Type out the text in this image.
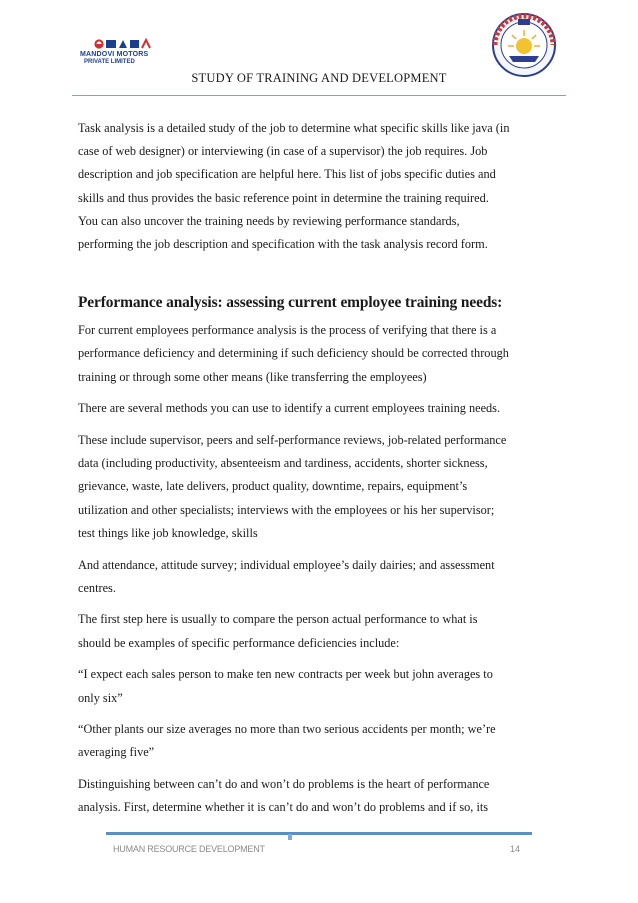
MANDOVI MOTORS
PRIVATE LIMITED
STUDY OF TRAINING AND DEVELOPMENT

Task analysis is a detailed study of the job to determine what specific skills like java (in
case of web designer) or interviewing (in case of a supervisor) the job requires. Job
description and job specification are helpful here. This list of jobs specific duties and
skills and thus provides the basic reference point in determine the training required.
You can also uncover the training needs by reviewing performance standards,
performing the job description and specification with the task analysis record form.

Performance analysis: assessing current employee training needs:

For current employees performance analysis is the process of verifying that there is a
performance deficiency and determining if such deficiency should be corrected through
training or through some other means (like transferring the employees)

There are several methods you can use to identify a current employees training needs.

These include supervisor, peers and self-performance reviews, job-related performance
data (including productivity, absenteeism and tardiness, accidents, shorter sickness,
grievance, waste, late delivers, product quality, downtime, repairs, equipment’s
utilization and other specialists; interviews with the employees or his her supervisor;
test things like job knowledge, skills

And attendance, attitude survey; individual employee’s daily dairies; and assessment
centres.

The first step here is usually to compare the person actual performance to what is
should be examples of specific performance deficiencies include:

“I expect each sales person to make ten new contracts per week but john averages to
only six”

“Other plants our size averages no more than two serious accidents per month; we’re
averaging five”

Distinguishing between can’t do and won’t do problems is the heart of performance
analysis. First, determine whether it is can’t do and won’t do problems and if so, its

HUMAN RESOURCE DEVELOPMENT	14
